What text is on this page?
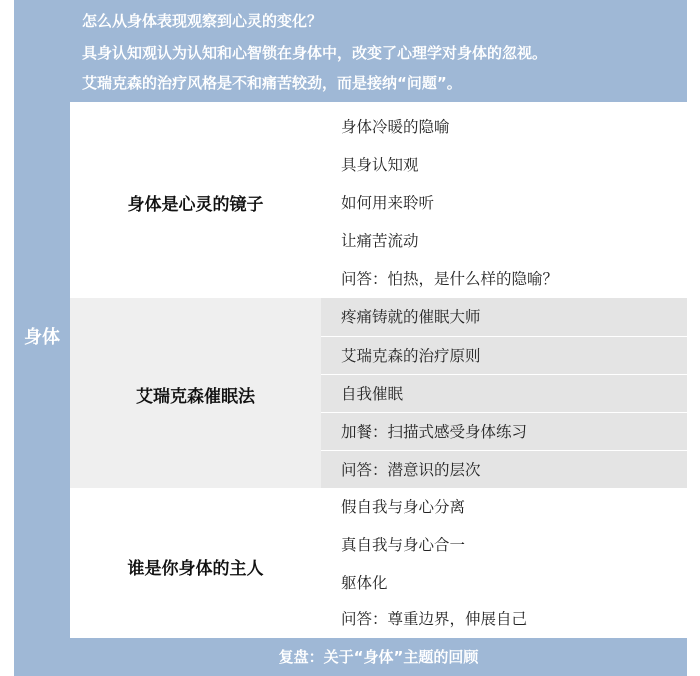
身体
怎么从身体表现观察到心灵的变化？
具身认知观认为认知和心智锁在身体中，改变了心理学对身体的忽视。
艾瑞克森的治疗风格是不和痛苦较劲，而是接纳“问题”。
身体是心灵的镜子
身体冷暖的隐喻
具身认知观
如何用来聆听
让痛苦流动
问答：怕热，是什么样的隐喻？
艾瑞克森催眠法
疼痛铸就的催眠大师
艾瑞克森的治疗原则
自我催眠
加餐：扫描式感受身体练习
问答：潜意识的层次
谁是你身体的主人
假自我与身心分离
真自我与身心合一
躯体化
问答：尊重边界，伸展自己
复盘：关于“身体”主题的回顾
